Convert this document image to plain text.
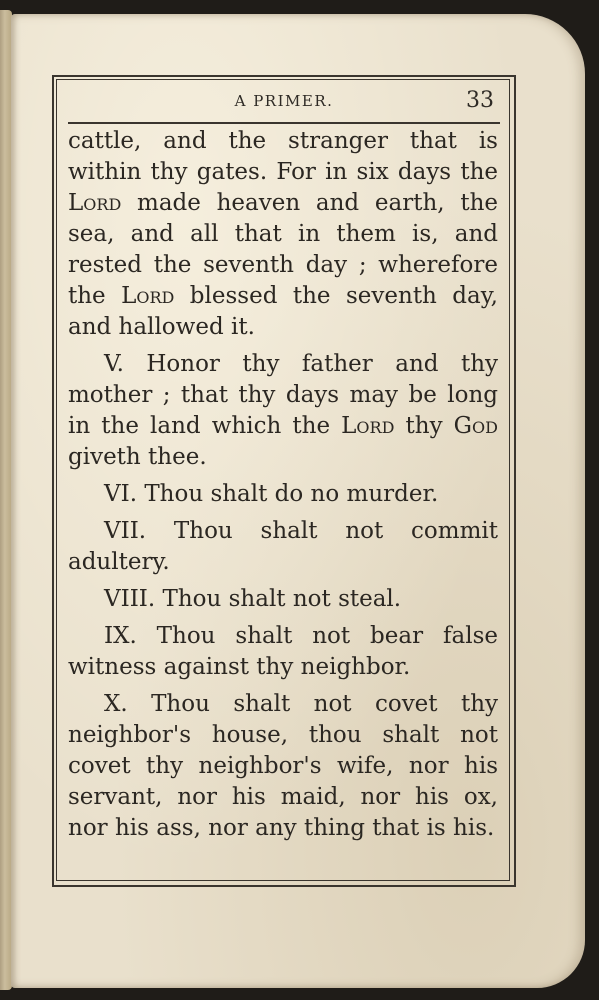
A PRIMER.	33

cattle, and the stranger that is within thy gates. For in six days the Lord made heaven and earth, the sea, and all that in them is, and rested the seventh day ; wherefore the Lord blessed the seventh day, and hallowed it.

V. Honor thy father and thy mother ; that thy days may be long in the land which the Lord thy God giveth thee.

VI. Thou shalt do no murder.

VII. Thou shalt not commit adultery.

VIII. Thou shalt not steal.

IX. Thou shalt not bear false witness against thy neighbor.

X. Thou shalt not covet thy neighbor's house, thou shalt not covet thy neighbor's wife, nor his servant, nor his maid, nor his ox, nor his ass, nor any thing that is his.
